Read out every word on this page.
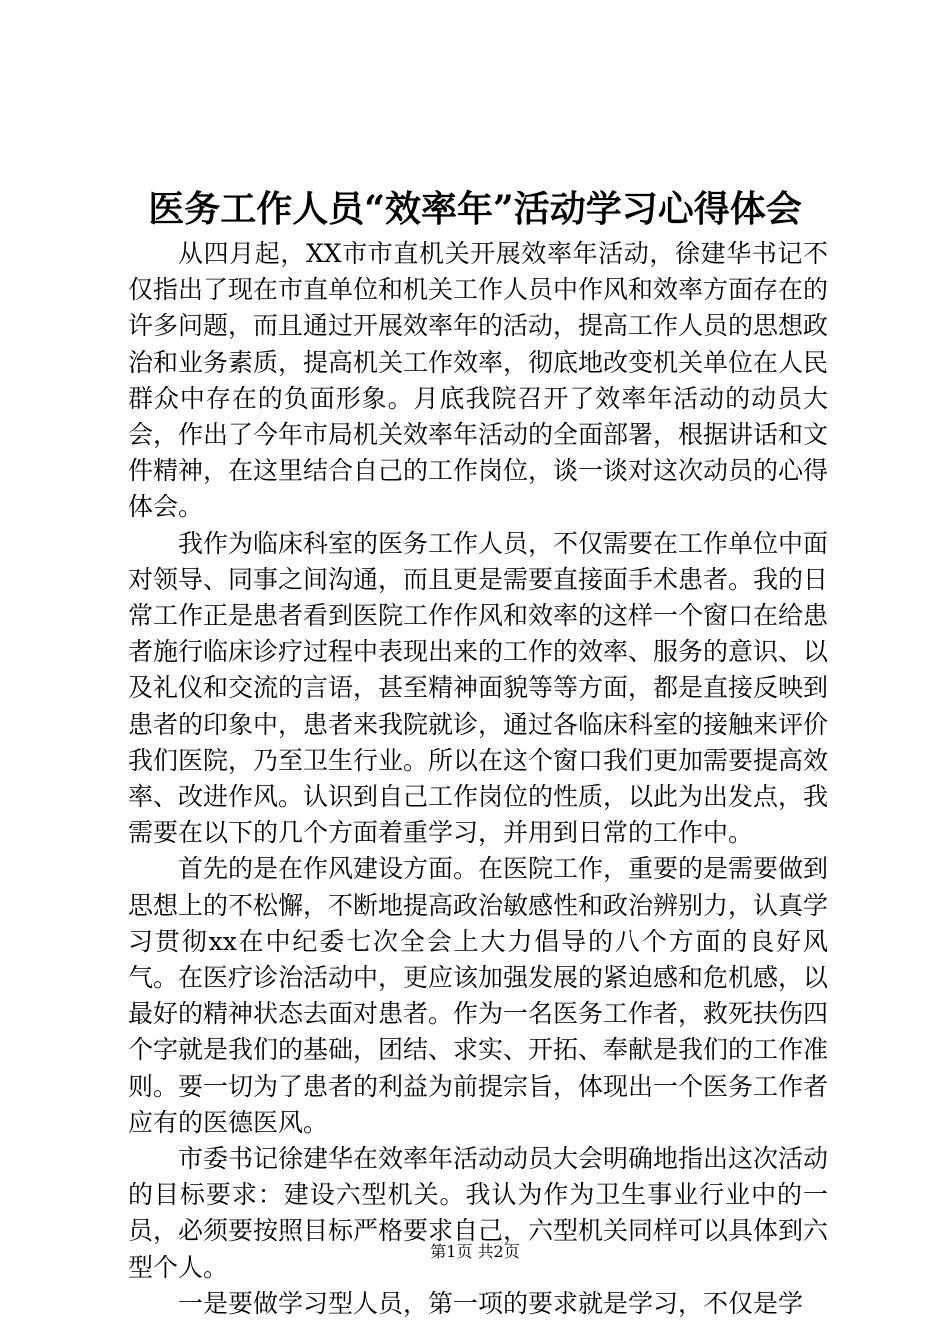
医务工作人员“效率年”活动学习心得体会

从四月起，XX市市直机关开展效率年活动，徐建华书记不仅指出了现在市直单位和机关工作人员中作风和效率方面存在的许多问题，而且通过开展效率年的活动，提高工作人员的思想政治和业务素质，提高机关工作效率，彻底地改变机关单位在人民群众中存在的负面形象。月底我院召开了效率年活动的动员大会，作出了今年市局机关效率年活动的全面部署，根据讲话和文件精神，在这里结合自己的工作岗位，谈一谈对这次动员的心得体会。

我作为临床科室的医务工作人员，不仅需要在工作单位中面对领导、同事之间沟通，而且更是需要直接面手术患者。我的日常工作正是患者看到医院工作作风和效率的这样一个窗口在给患者施行临床诊疗过程中表现出来的工作的效率、服务的意识、以及礼仪和交流的言语，甚至精神面貌等等方面，都是直接反映到患者的印象中，患者来我院就诊，通过各临床科室的接触来评价我们医院，乃至卫生行业。所以在这个窗口我们更加需要提高效率、改进作风。认识到自己工作岗位的性质，以此为出发点，我需要在以下的几个方面着重学习，并用到日常的工作中。

首先的是在作风建设方面。在医院工作，重要的是需要做到思想上的不松懈，不断地提高政治敏感性和政治辨别力，认真学习贯彻xx在中纪委七次全会上大力倡导的八个方面的良好风气。在医疗诊治活动中，更应该加强发展的紧迫感和危机感，以最好的精神状态去面对患者。作为一名医务工作者，救死扶伤四个字就是我们的基础，团结、求实、开拓、奉献是我们的工作准则。要一切为了患者的利益为前提宗旨，体现出一个医务工作者应有的医德医风。

市委书记徐建华在效率年活动动员大会明确地指出这次活动的目标要求：建设六型机关。我认为作为卫生事业行业中的一员，必须要按照目标严格要求自己，六型机关同样可以具体到六型个人。

一是要做学习型人员，第一项的要求就是学习，不仅是学

第1页 共2页
